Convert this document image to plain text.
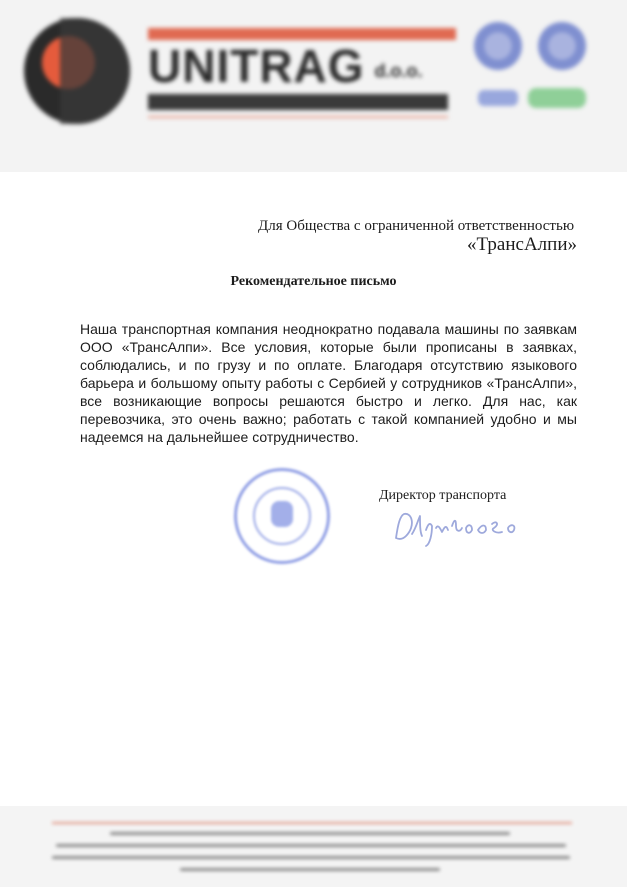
UNITRAG d.o.o.
Для Общества с ограниченной ответственностью
«ТрансАлпи»
Рекомендательное письмо

Наша транспортная компания неоднократно подавала машины по заявкам ООО «ТрансАлпи». Все условия, которые были прописаны в заявках, соблюдались, и по грузу и по оплате. Благодаря отсутствию языкового барьера и большому опыту работы с Сербией у сотрудников «ТрансАлпи», все возникающие вопросы решаются быстро и легко. Для нас, как перевозчика, это очень важно; работать с такой компанией удобно и мы надеемся на дальнейшее сотрудничество.

Директор транспорта
